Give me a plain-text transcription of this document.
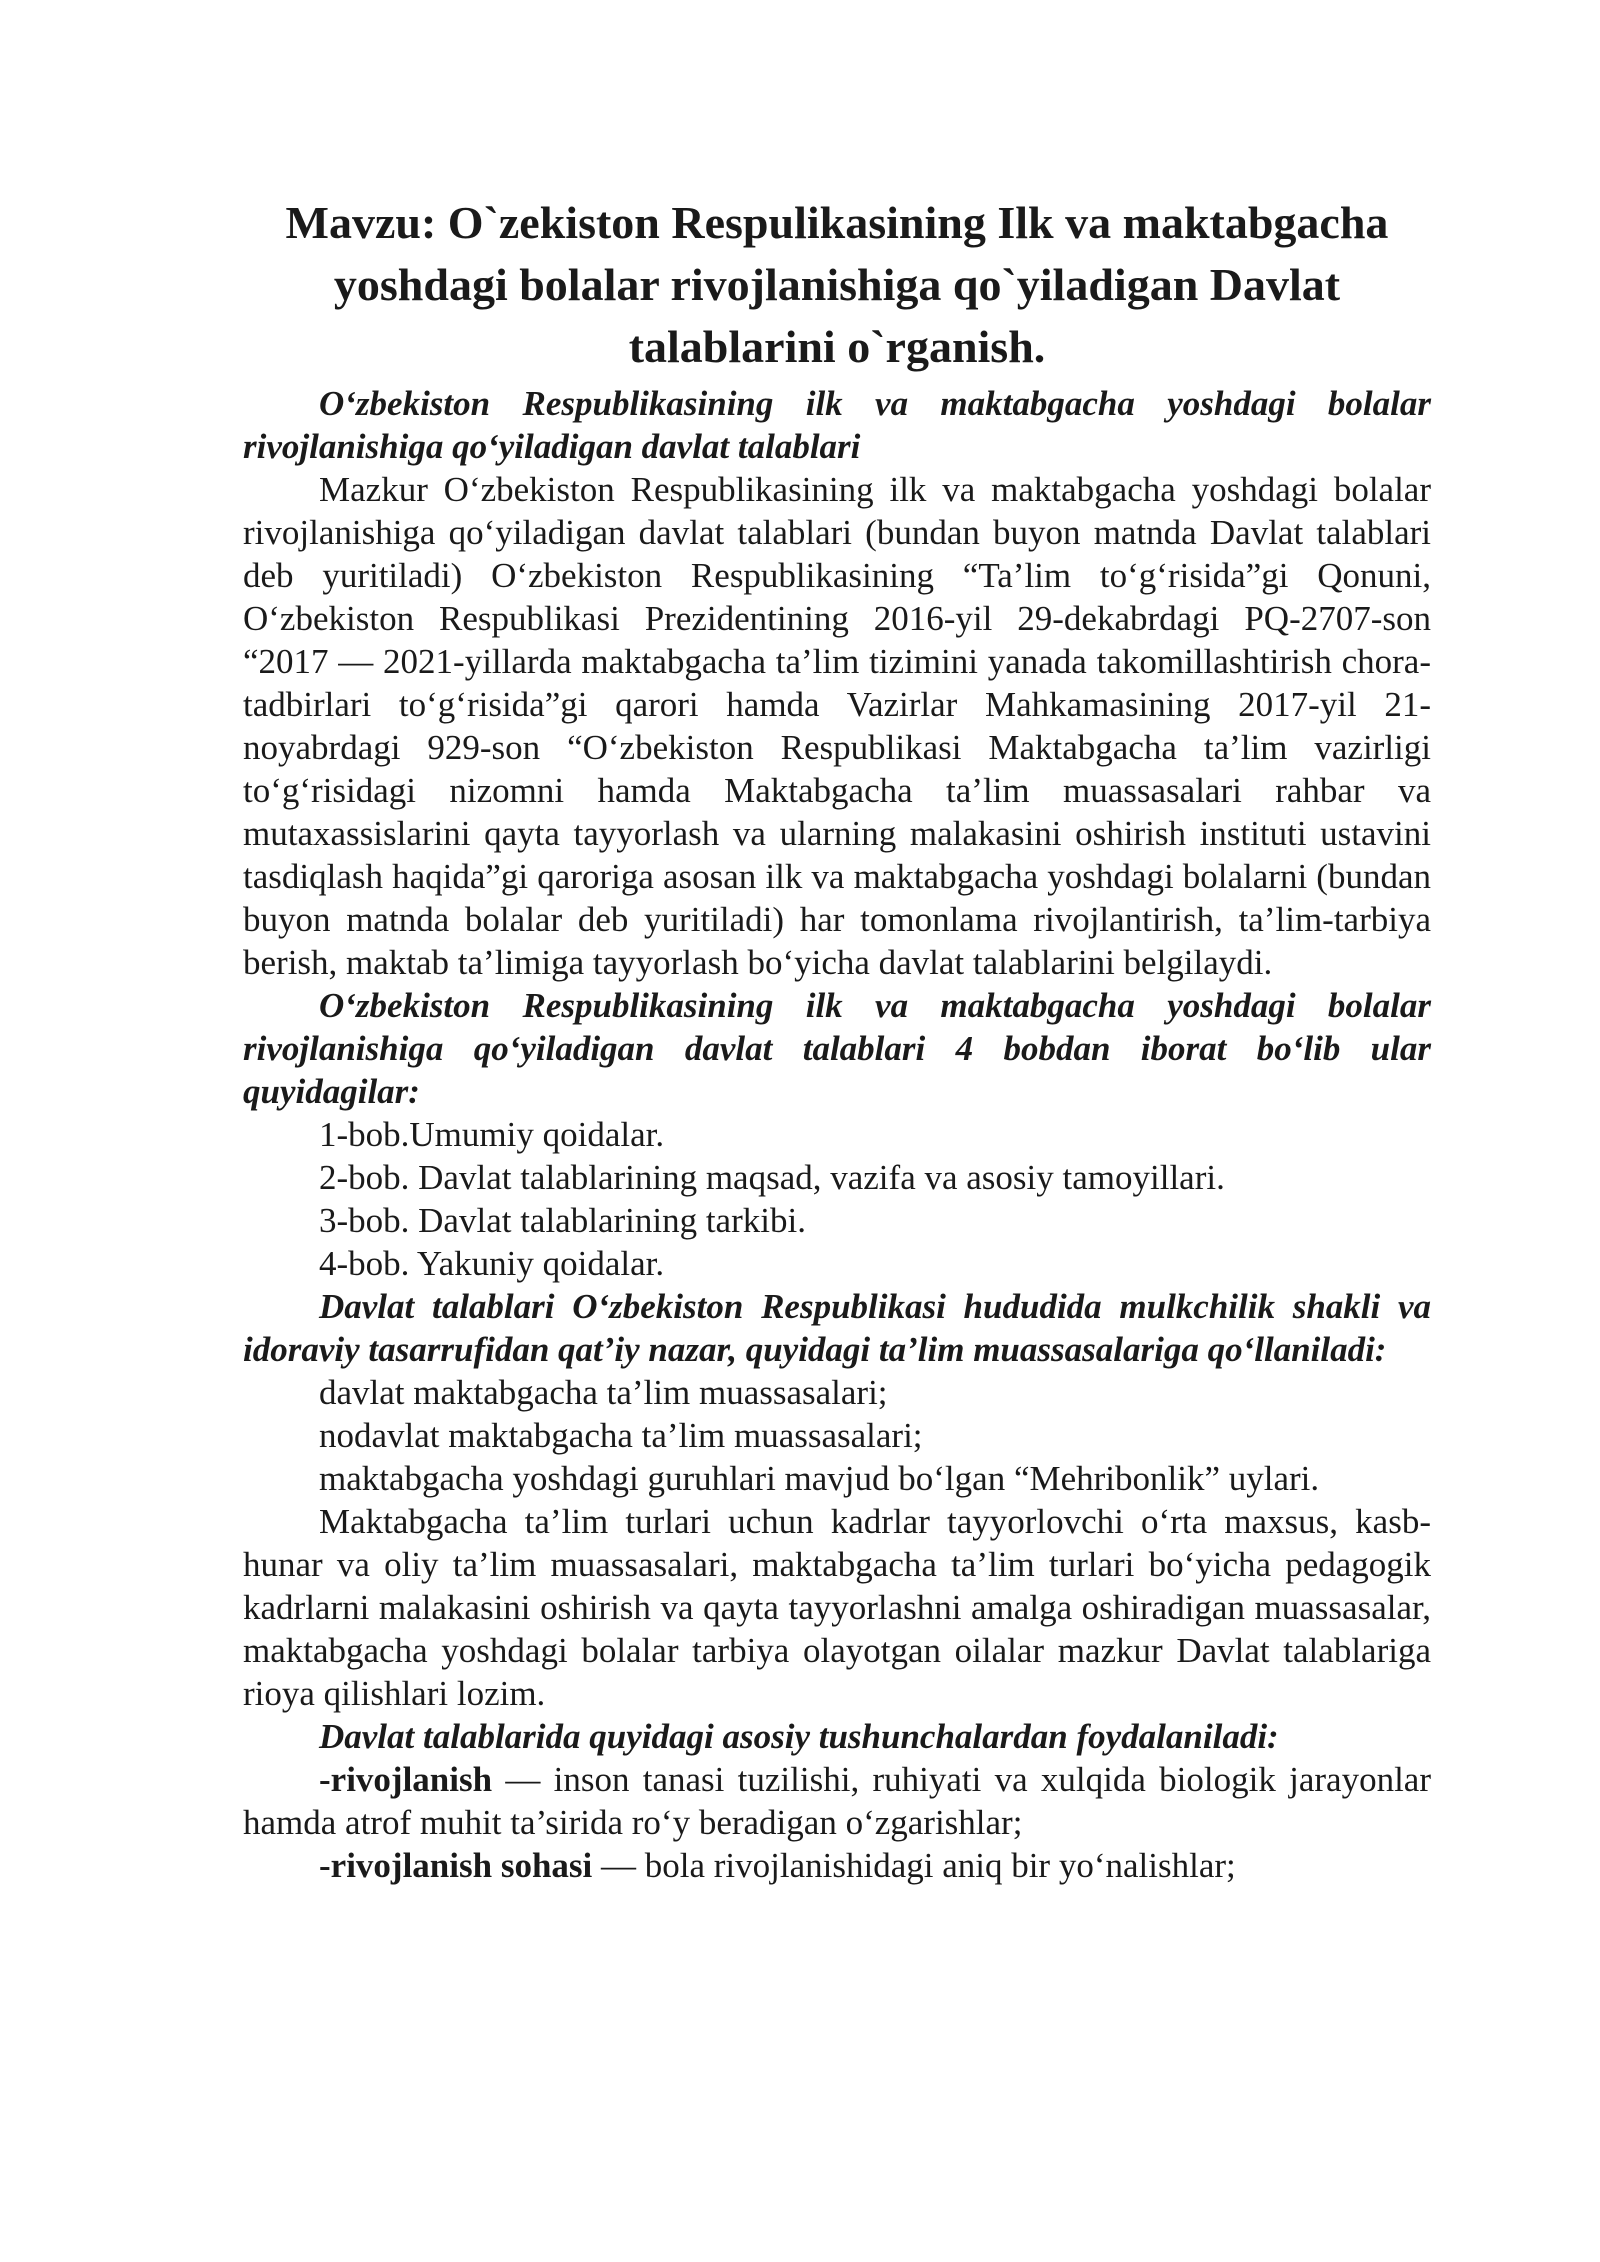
Mavzu: O`zekiston Respulikasining Ilk va maktabgacha yoshdagi bolalar rivojlanishiga qo`yiladigan Davlat talablarini o`rganish.

O‘zbekiston Respublikasining ilk va maktabgacha yoshdagi bolalar rivojlanishiga qo‘yiladigan davlat talablari

Mazkur O‘zbekiston Respublikasining ilk va maktabgacha yoshdagi bolalar rivojlanishiga qo‘yiladigan davlat talablari (bundan buyon matnda Davlat talablari deb yuritiladi) O‘zbekiston Respublikasining “Ta’lim to‘g‘risida”gi Qonuni, O‘zbekiston Respublikasi Prezidentining 2016-yil 29-dekabrdagi PQ-2707-son “2017 — 2021-yillarda maktabgacha ta’lim tizimini yanada takomillashtirish chora-tadbirlari to‘g‘risida”gi qarori hamda Vazirlar Mahkamasining 2017-yil 21-noyabrdagi 929-son “O‘zbekiston Respublikasi Maktabgacha ta’lim vazirligi to‘g‘risidagi nizomni hamda Maktabgacha ta’lim muassasalari rahbar va mutaxassislarini qayta tayyorlash va ularning malakasini oshirish instituti ustavini tasdiqlash haqida”gi qaroriga asosan ilk va maktabgacha yoshdagi bolalarni (bundan buyon matnda bolalar deb yuritiladi) har tomonlama rivojlantirish, ta’lim-tarbiya berish, maktab ta’limiga tayyorlash bo‘yicha davlat talablarini belgilaydi.

O‘zbekiston Respublikasining ilk va maktabgacha yoshdagi bolalar rivojlanishiga qo‘yiladigan davlat talablari 4 bobdan iborat bo‘lib ular quyidagilar:

1-bob.Umumiy qoidalar.

2-bob. Davlat talablarining maqsad, vazifa va asosiy tamoyillari.

3-bob. Davlat talablarining tarkibi.

4-bob. Yakuniy qoidalar.

Davlat talablari O‘zbekiston Respublikasi hududida mulkchilik shakli va idoraviy tasarrufidan qat’iy nazar, quyidagi ta’lim muassasalariga qo‘llaniladi:

davlat maktabgacha ta’lim muassasalari;

nodavlat maktabgacha ta’lim muassasalari;

maktabgacha yoshdagi guruhlari mavjud bo‘lgan “Mehribonlik” uylari.

Maktabgacha ta’lim turlari uchun kadrlar tayyorlovchi o‘rta maxsus, kasb-hunar va oliy ta’lim muassasalari, maktabgacha ta’lim turlari bo‘yicha pedagogik kadrlarni malakasini oshirish va qayta tayyorlashni amalga oshiradigan muassasalar, maktabgacha yoshdagi bolalar tarbiya olayotgan oilalar mazkur Davlat talablariga rioya qilishlari lozim.

Davlat talablarida quyidagi asosiy tushunchalardan foydalaniladi:

-rivojlanish — inson tanasi tuzilishi, ruhiyati va xulqida biologik jarayonlar hamda atrof muhit ta’sirida ro‘y beradigan o‘zgarishlar;

-rivojlanish sohasi — bola rivojlanishidagi aniq bir yo‘nalishlar;
